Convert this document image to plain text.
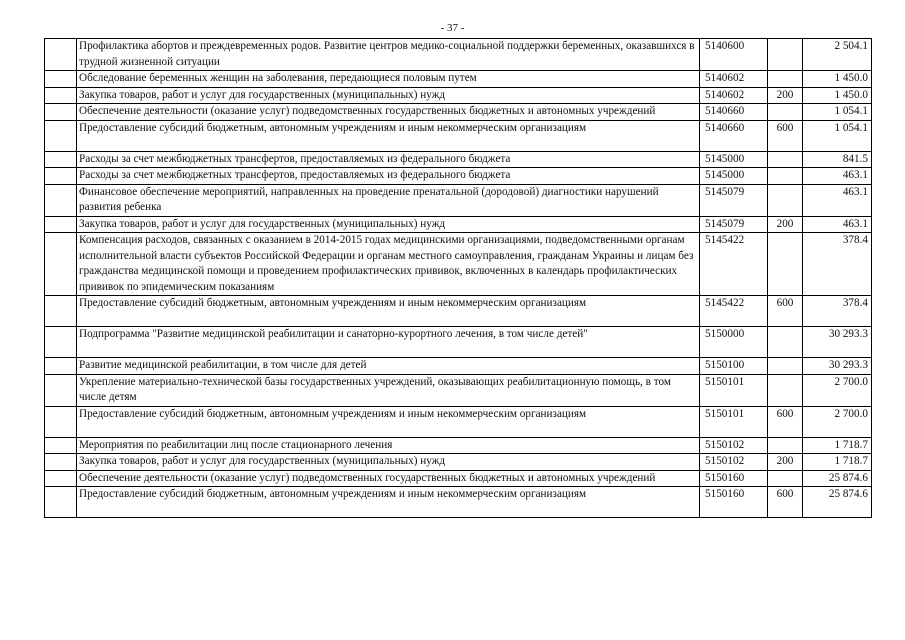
- 37 -
	Профилактика абортов и преждевременных родов. Развитие центров медико-социальной поддержки беременных, оказавшихся в трудной жизненной ситуации	5140600		2 504.1
	Обследование беременных женщин на заболевания, передающиеся половым путем	5140602		1 450.0
	Закупка товаров, работ и услуг для государственных (муниципальных) нужд	5140602	200	1 450.0
	Обеспечение деятельности (оказание услуг) подведомственных государственных бюджетных и автономных учреждений	5140660		1 054.1
	Предоставление субсидий бюджетным, автономным учреждениям и иным некоммерческим организациям	5140660	600	1 054.1
	Расходы за счет межбюджетных трансфертов, предоставляемых из федерального бюджета	5145000		841.5
	Расходы за счет межбюджетных трансфертов, предоставляемых из федерального бюджета	5145000		463.1
	Финансовое обеспечение мероприятий, направленных на проведение пренатальной (дородовой) диагностики нарушений развития ребенка	5145079		463.1
	Закупка товаров, работ и услуг для государственных (муниципальных) нужд	5145079	200	463.1
	Компенсация расходов, связанных с оказанием в 2014-2015 годах медицинскими организациями, подведомственными органам исполнительной власти субъектов Российской Федерации и органам местного самоуправления, гражданам Украины и лицам без гражданства медицинской помощи и проведением профилактических прививок, включенных в календарь профилактических прививок по эпидемическим показаниям	5145422		378.4
	Предоставление субсидий бюджетным, автономным учреждениям и иным некоммерческим организациям	5145422	600	378.4
	Подпрограмма "Развитие медицинской реабилитации и санаторно-курортного лечения, в том числе детей"	5150000		30 293.3
	Развитие медицинской реабилитации, в том числе для детей	5150100		30 293.3
	Укрепление материально-технической базы государственных учреждений, оказывающих реабилитационную помощь, в том числе детям	5150101		2 700.0
	Предоставление субсидий бюджетным, автономным учреждениям и иным некоммерческим организациям	5150101	600	2 700.0
	Мероприятия по реабилитации лиц после стационарного лечения	5150102		1 718.7
	Закупка товаров, работ и услуг для государственных (муниципальных) нужд	5150102	200	1 718.7
	Обеспечение деятельности (оказание услуг) подведомственных государственных бюджетных и автономных учреждений	5150160		25 874.6
	Предоставление субсидий бюджетным, автономным учреждениям и иным некоммерческим организациям	5150160	600	25 874.6
